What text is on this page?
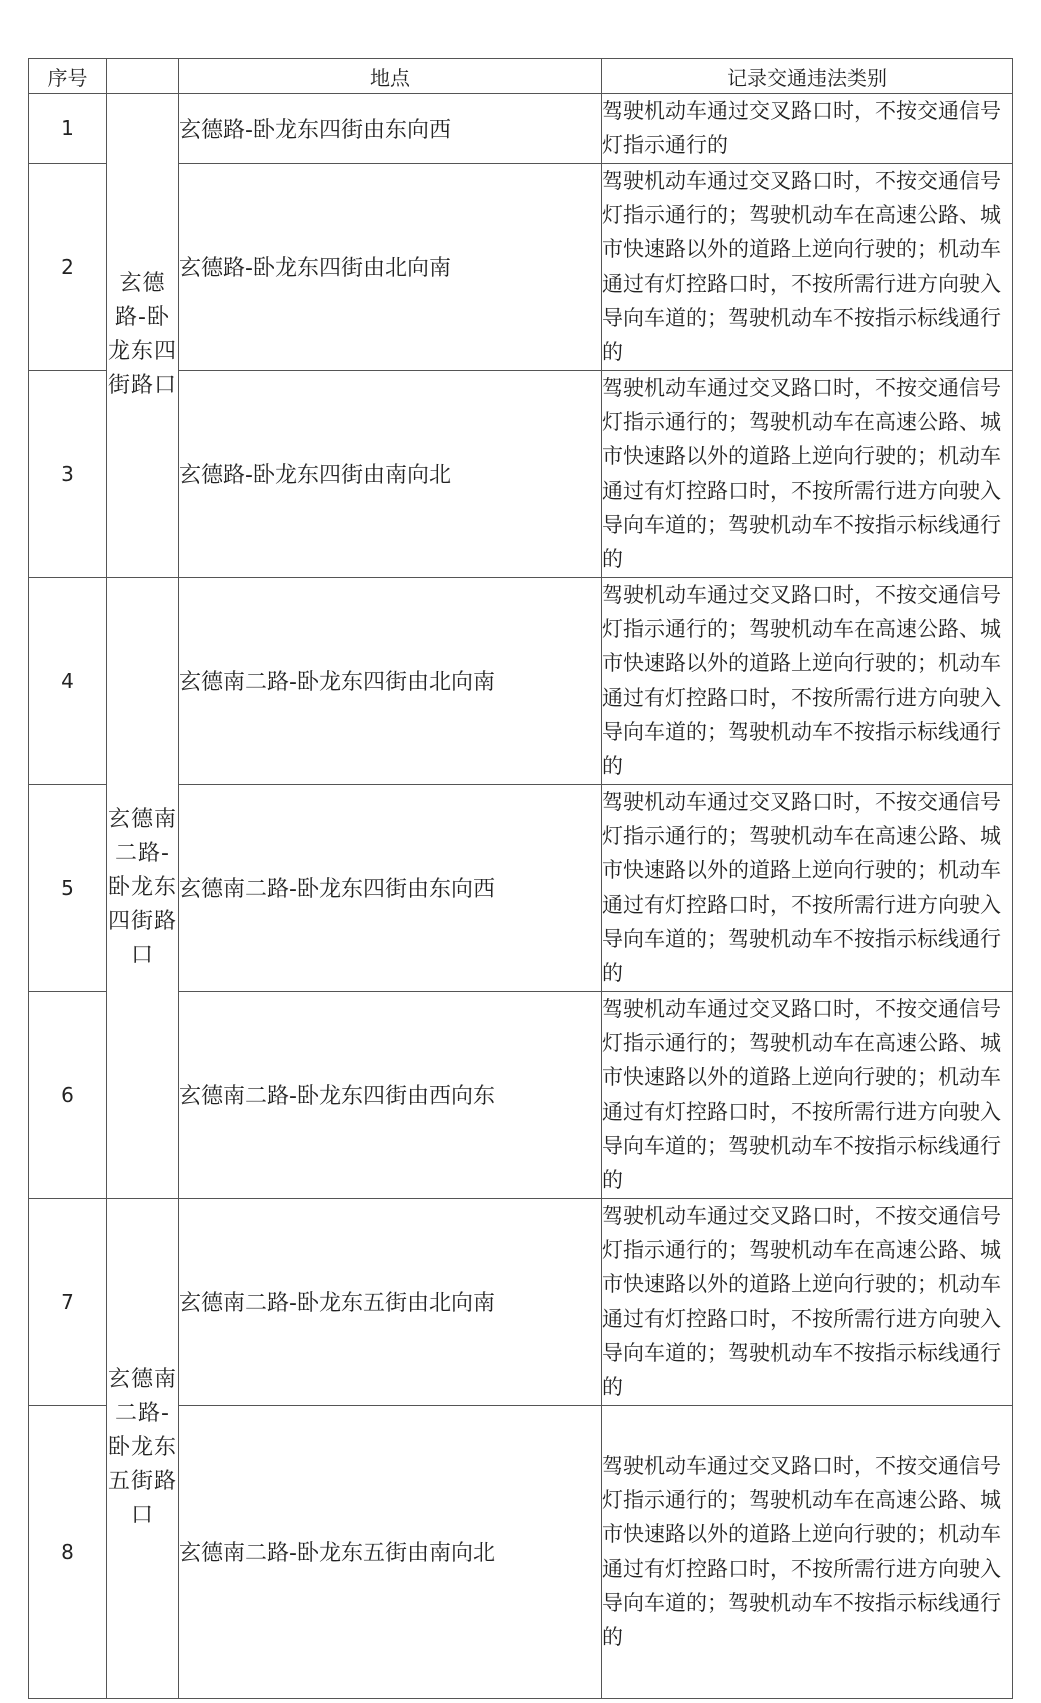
序号		地点	记录交通违法类别
1	玄德路-卧龙东四街路口	玄德路-卧龙东四街由东向西	驾驶机动车通过交叉路口时，不按交通信号灯指示通行的
2		玄德路-卧龙东四街由北向南	驾驶机动车通过交叉路口时，不按交通信号灯指示通行的；驾驶机动车在高速公路、城市快速路以外的道路上逆向行驶的；机动车通过有灯控路口时，不按所需行进方向驶入导向车道的；驾驶机动车不按指示标线通行的
3		玄德路-卧龙东四街由南向北	驾驶机动车通过交叉路口时，不按交通信号灯指示通行的；驾驶机动车在高速公路、城市快速路以外的道路上逆向行驶的；机动车通过有灯控路口时，不按所需行进方向驶入导向车道的；驾驶机动车不按指示标线通行的
4	玄德南二路-卧龙东四街路口	玄德南二路-卧龙东四街由北向南	驾驶机动车通过交叉路口时，不按交通信号灯指示通行的；驾驶机动车在高速公路、城市快速路以外的道路上逆向行驶的；机动车通过有灯控路口时，不按所需行进方向驶入导向车道的；驾驶机动车不按指示标线通行的
5		玄德南二路-卧龙东四街由东向西	驾驶机动车通过交叉路口时，不按交通信号灯指示通行的；驾驶机动车在高速公路、城市快速路以外的道路上逆向行驶的；机动车通过有灯控路口时，不按所需行进方向驶入导向车道的；驾驶机动车不按指示标线通行的
6		玄德南二路-卧龙东四街由西向东	驾驶机动车通过交叉路口时，不按交通信号灯指示通行的；驾驶机动车在高速公路、城市快速路以外的道路上逆向行驶的；机动车通过有灯控路口时，不按所需行进方向驶入导向车道的；驾驶机动车不按指示标线通行的
7	玄德南二路-卧龙东五街路口	玄德南二路-卧龙东五街由北向南	驾驶机动车通过交叉路口时，不按交通信号灯指示通行的；驾驶机动车在高速公路、城市快速路以外的道路上逆向行驶的；机动车通过有灯控路口时，不按所需行进方向驶入导向车道的；驾驶机动车不按指示标线通行的
8		玄德南二路-卧龙东五街由南向北	驾驶机动车通过交叉路口时，不按交通信号灯指示通行的；驾驶机动车在高速公路、城市快速路以外的道路上逆向行驶的；机动车通过有灯控路口时，不按所需行进方向驶入导向车道的；驾驶机动车不按指示标线通行的
